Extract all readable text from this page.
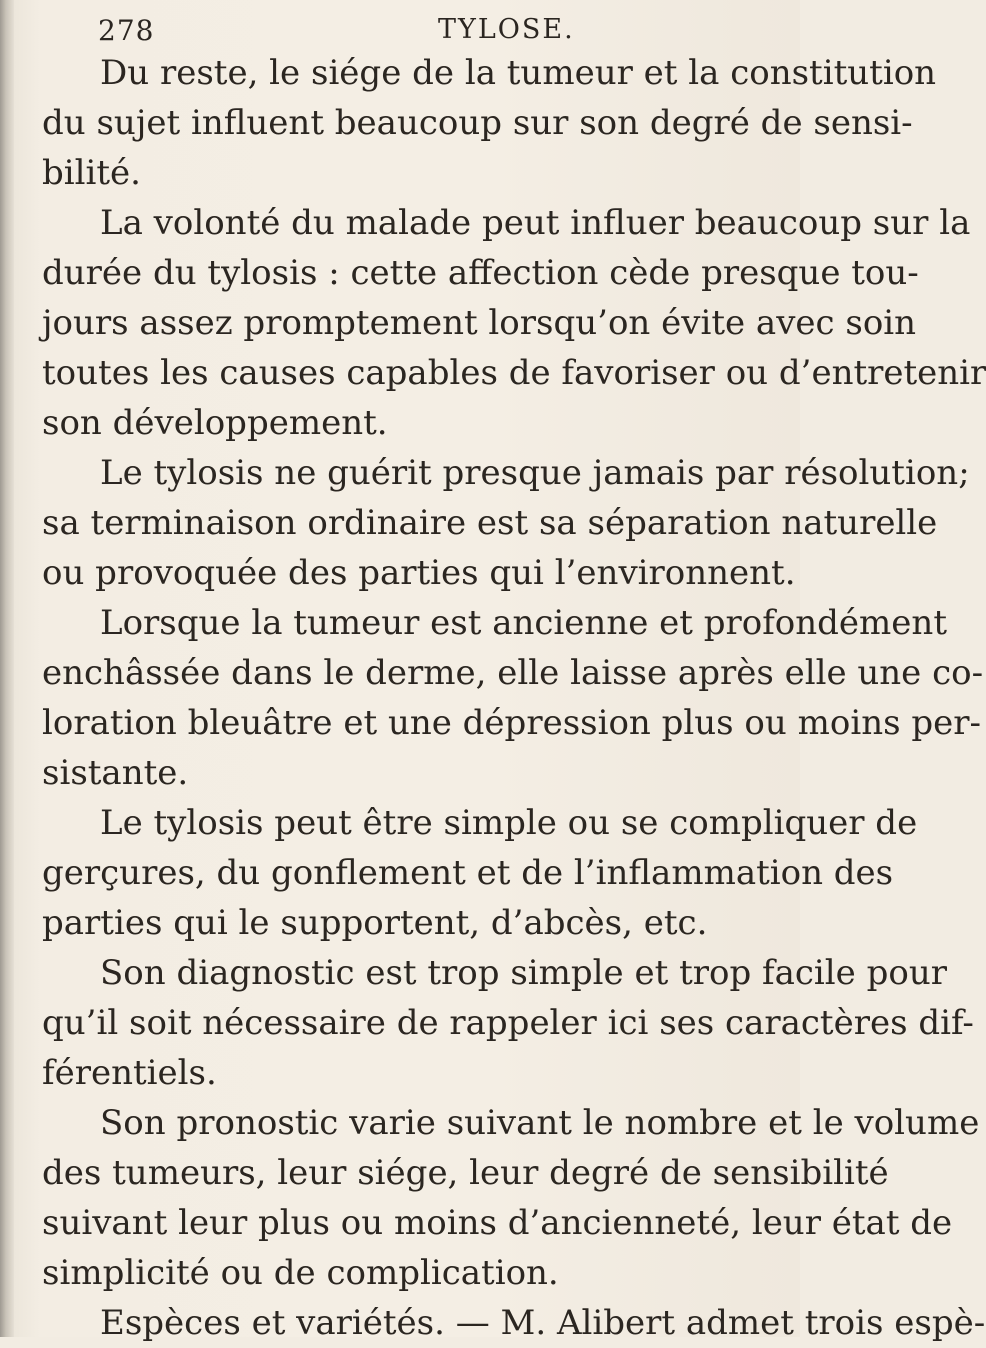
278	TYLOSE.
Du reste, le siége de la tumeur et la constitution
du sujet influent beaucoup sur son degré de sensi-
bilité.
La volonté du malade peut influer beaucoup sur la
durée du tylosis : cette affection cède presque tou-
jours assez promptement lorsqu’on évite avec soin
toutes les causes capables de favoriser ou d’entretenir
son développement.
Le tylosis ne guérit presque jamais par résolution;
sa terminaison ordinaire est sa séparation naturelle
ou provoquée des parties qui l’environnent.
Lorsque la tumeur est ancienne et profondément
enchâssée dans le derme, elle laisse après elle une co-
loration bleuâtre et une dépression plus ou moins per-
sistante.
Le tylosis peut être simple ou se compliquer de
gerçures, du gonflement et de l’inflammation des
parties qui le supportent, d’abcès, etc.
Son diagnostic est trop simple et trop facile pour
qu’il soit nécessaire de rappeler ici ses caractères dif-
férentiels.
Son pronostic varie suivant le nombre et le volume
des tumeurs, leur siége, leur degré de sensibilité
suivant leur plus ou moins d’ancienneté, leur état de
simplicité ou de complication.
Espèces et variétés. — M. Alibert admet trois espè-
